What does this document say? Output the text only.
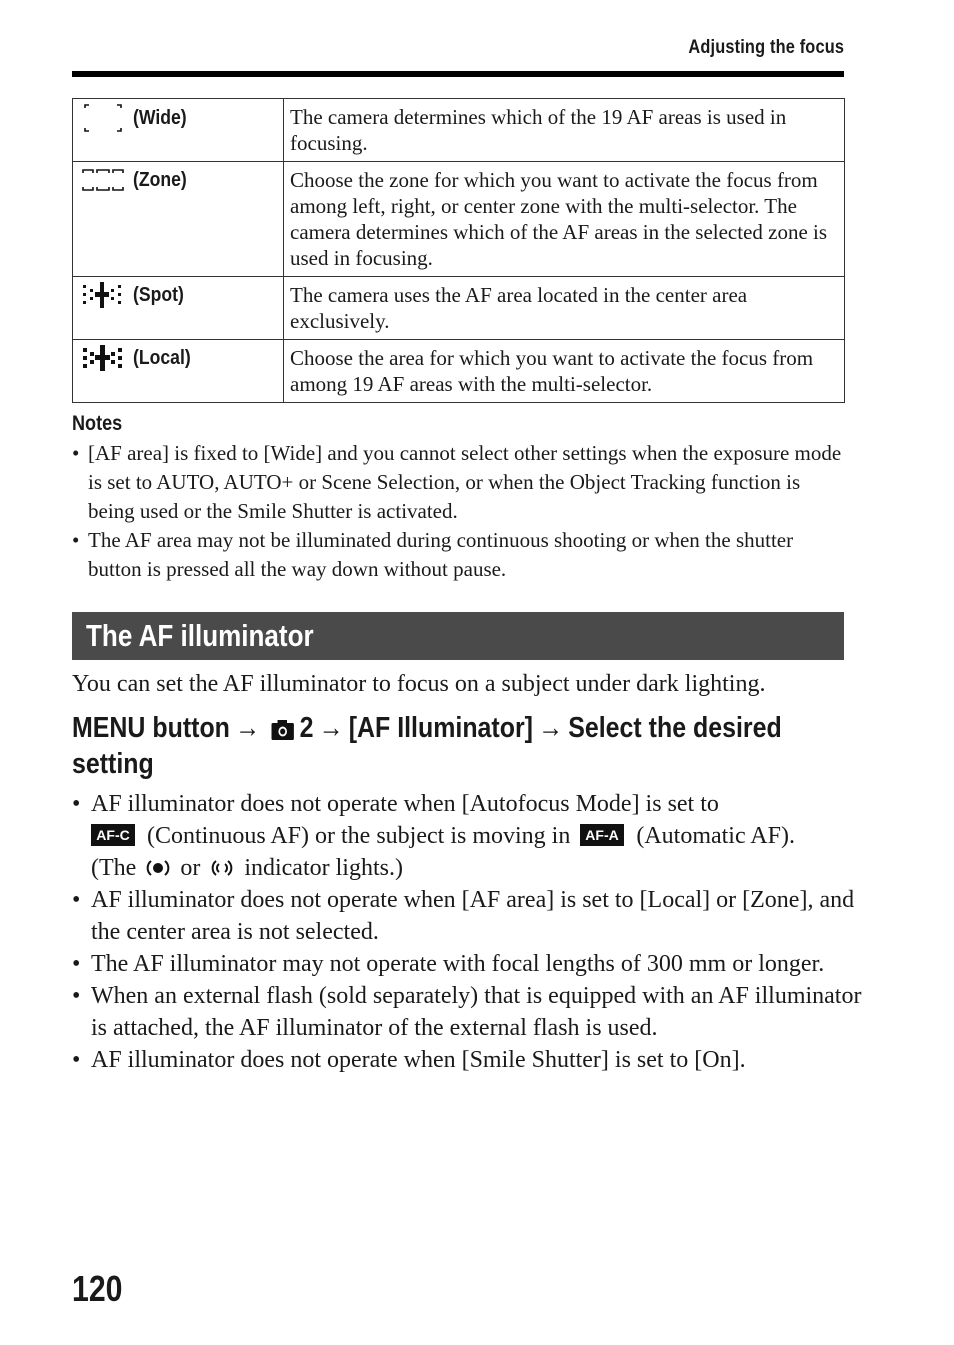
Adjusting the focus
(Wide)	The camera determines which of the 19 AF areas is used in focusing.

(Zone)	Choose the zone for which you want to activate the focus from among left, right, or center zone with the multi-selector. The camera determines which of the AF areas in the selected zone is used in focusing.

(Spot)	The camera uses the AF area located in the center area exclusively.

(Local)	Choose the area for which you want to activate the focus from among 19 AF areas with the multi-selector.
Notes
• [AF area] is fixed to [Wide] and you cannot select other settings when the exposure mode is set to AUTO, AUTO+ or Scene Selection, or when the Object Tracking function is being used or the Smile Shutter is activated.
• The AF area may not be illuminated during continuous shooting or when the shutter button is pressed all the way down without pause.
The AF illuminator
You can set the AF illuminator to focus on a subject under dark lighting.
MENU button → 2 → [AF Illuminator] → Select the desired setting
• AF illuminator does not operate when [Autofocus Mode] is set to

AF-C (Continuous AF) or the subject is moving in AF-A (Automatic AF).
(The or indicator lights.)
• AF illuminator does not operate when [AF area] is set to [Local] or [Zone], and the center area is not selected.
• The AF illuminator may not operate with focal lengths of 300 mm or longer.
• When an external flash (sold separately) that is equipped with an AF illuminator is attached, the AF illuminator of the external flash is used.
• AF illuminator does not operate when [Smile Shutter] is set to [On].
120
